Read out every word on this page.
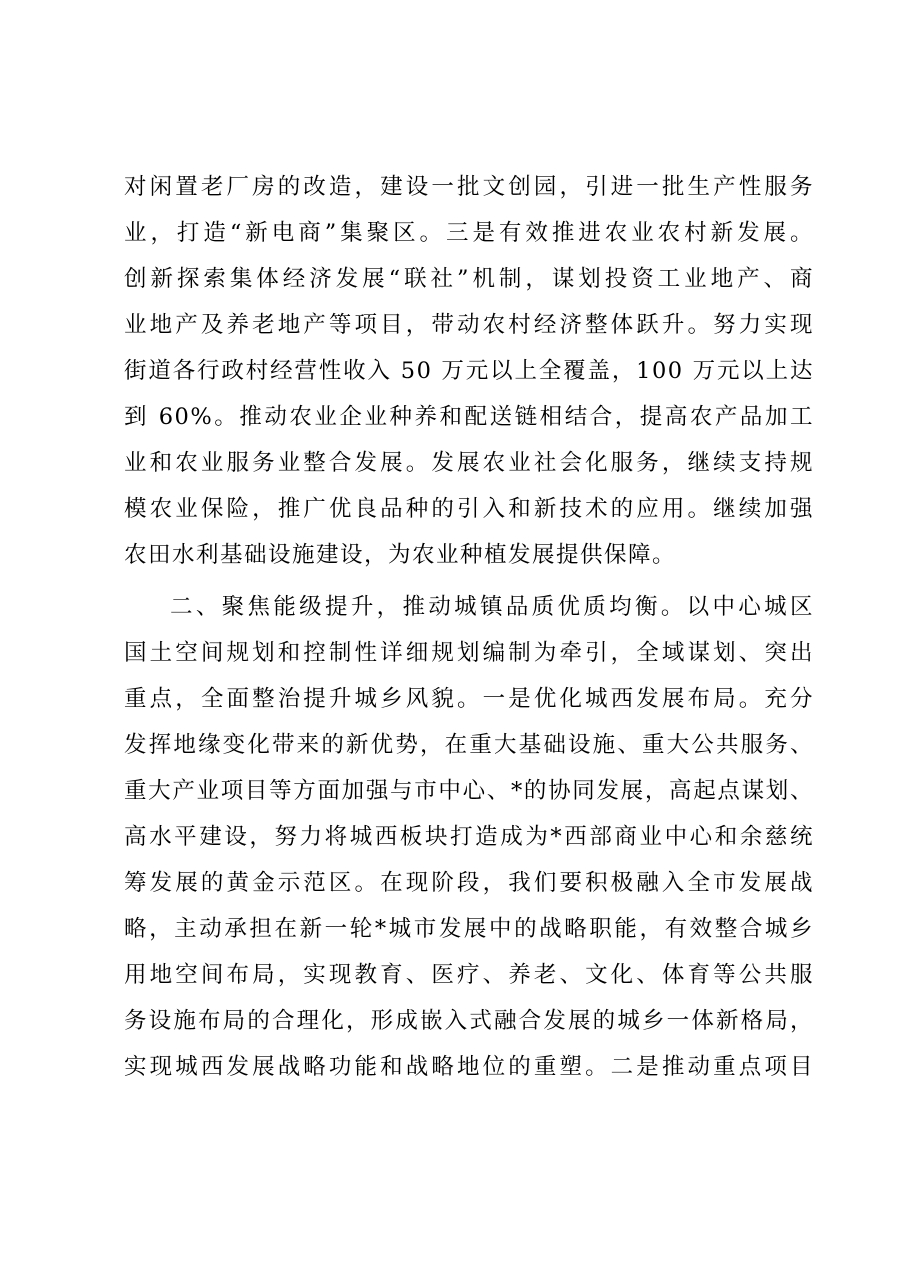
对闲置老厂房的改造，建设一批文创园，引进一批生产性服务
业，打造“新电商”集聚区。三是有效推进农业农村新发展。
创新探索集体经济发展“联社”机制，谋划投资工业地产、商
业地产及养老地产等项目，带动农村经济整体跃升。努力实现
街道各行政村经营性收入 50 万元以上全覆盖，100 万元以上达
到 60%。推动农业企业种养和配送链相结合，提高农产品加工
业和农业服务业整合发展。发展农业社会化服务，继续支持规
模农业保险，推广优良品种的引入和新技术的应用。继续加强
农田水利基础设施建设，为农业种植发展提供保障。
二、聚焦能级提升，推动城镇品质优质均衡。以中心城区
国土空间规划和控制性详细规划编制为牵引，全域谋划、突出
重点，全面整治提升城乡风貌。一是优化城西发展布局。充分
发挥地缘变化带来的新优势，在重大基础设施、重大公共服务、
重大产业项目等方面加强与市中心、*的协同发展，高起点谋划、
高水平建设，努力将城西板块打造成为*西部商业中心和余慈统
筹发展的黄金示范区。在现阶段，我们要积极融入全市发展战
略，主动承担在新一轮*城市发展中的战略职能，有效整合城乡
用地空间布局，实现教育、医疗、养老、文化、体育等公共服
务设施布局的合理化，形成嵌入式融合发展的城乡一体新格局，
实现城西发展战略功能和战略地位的重塑。二是推动重点项目
